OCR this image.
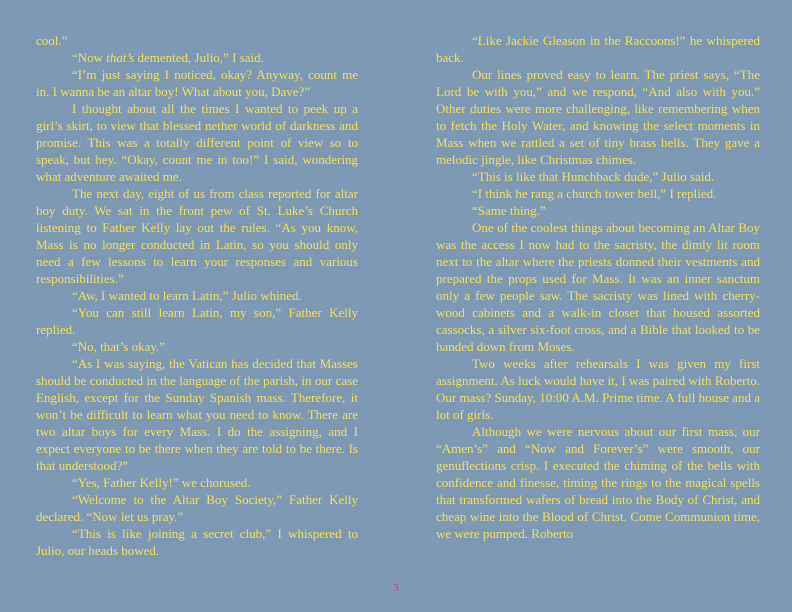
cool.”

“Now that’s demented, Julio,” I said.

“I’m just saying I noticed, okay? Anyway, count me in. I wanna be an altar boy! What about you, Dave?”

I thought about all the times I wanted to peek up a girl’s skirt, to view that blessed nether world of darkness and promise. This was a totally different point of view so to speak, but hey. “Okay, count me in too!” I said, wondering what adventure awaited me.

The next day, eight of us from class reported for altar boy duty. We sat in the front pew of St. Luke’s Church listening to Father Kelly lay out the rules. “As you know, Mass is no longer conducted in Latin, so you should only need a few lessons to learn your responses and various responsibilities.”

“Aw, I wanted to learn Latin,” Julio whined.

“You can still learn Latin, my son,” Father Kelly replied.

“No, that’s okay.”

“As I was saying, the Vatican has decided that Masses should be conducted in the language of the parish, in our case English, except for the Sunday Spanish mass. Therefore, it won’t be difficult to learn what you need to know. There are two altar boys for every Mass. I do the assigning, and I expect everyone to be there when they are told to be there. Is that understood?”

“Yes, Father Kelly!” we chorused.

“Welcome to the Altar Boy Society,” Father Kelly declared. “Now let us pray.”

“This is like joining a secret club,” I whispered to Julio, our heads bowed.

“Like Jackie Gleason in the Raccoons!” he whispered back.

Our lines proved easy to learn. The priest says, “The Lord be with you,” and we respond, “And also with you.” Other duties were more challenging, like remembering when to fetch the Holy Water, and knowing the select moments in Mass when we rattled a set of tiny brass bells. They gave a melodic jingle, like Christmas chimes.

“This is like that Hunchback dude,” Julio said.

“I think he rang a church tower bell,” I replied.

“Same thing.”

One of the coolest things about becoming an Altar Boy was the access I now had to the sacristy, the dimly lit room next to the altar where the priests donned their vestments and prepared the props used for Mass. It was an inner sanctum only a few people saw. The sacristy was lined with cherry-wood cabinets and a walk-in closet that housed assorted cassocks, a silver six-foot cross, and a Bible that looked to be handed down from Moses.

Two weeks after rehearsals I was given my first assignment. As luck would have it, I was paired with Roberto. Our mass? Sunday, 10:00 A.M. Prime time. A full house and a lot of girls.

Although we were nervous about our first mass, our “Amen’s” and “Now and Forever’s” were smooth, our genuflections crisp. I executed the chiming of the bells with confidence and finesse, timing the rings to the magical spells that transformed wafers of bread into the Body of Christ, and cheap wine into the Blood of Christ. Come Communion time, we were pumped. Roberto

3
